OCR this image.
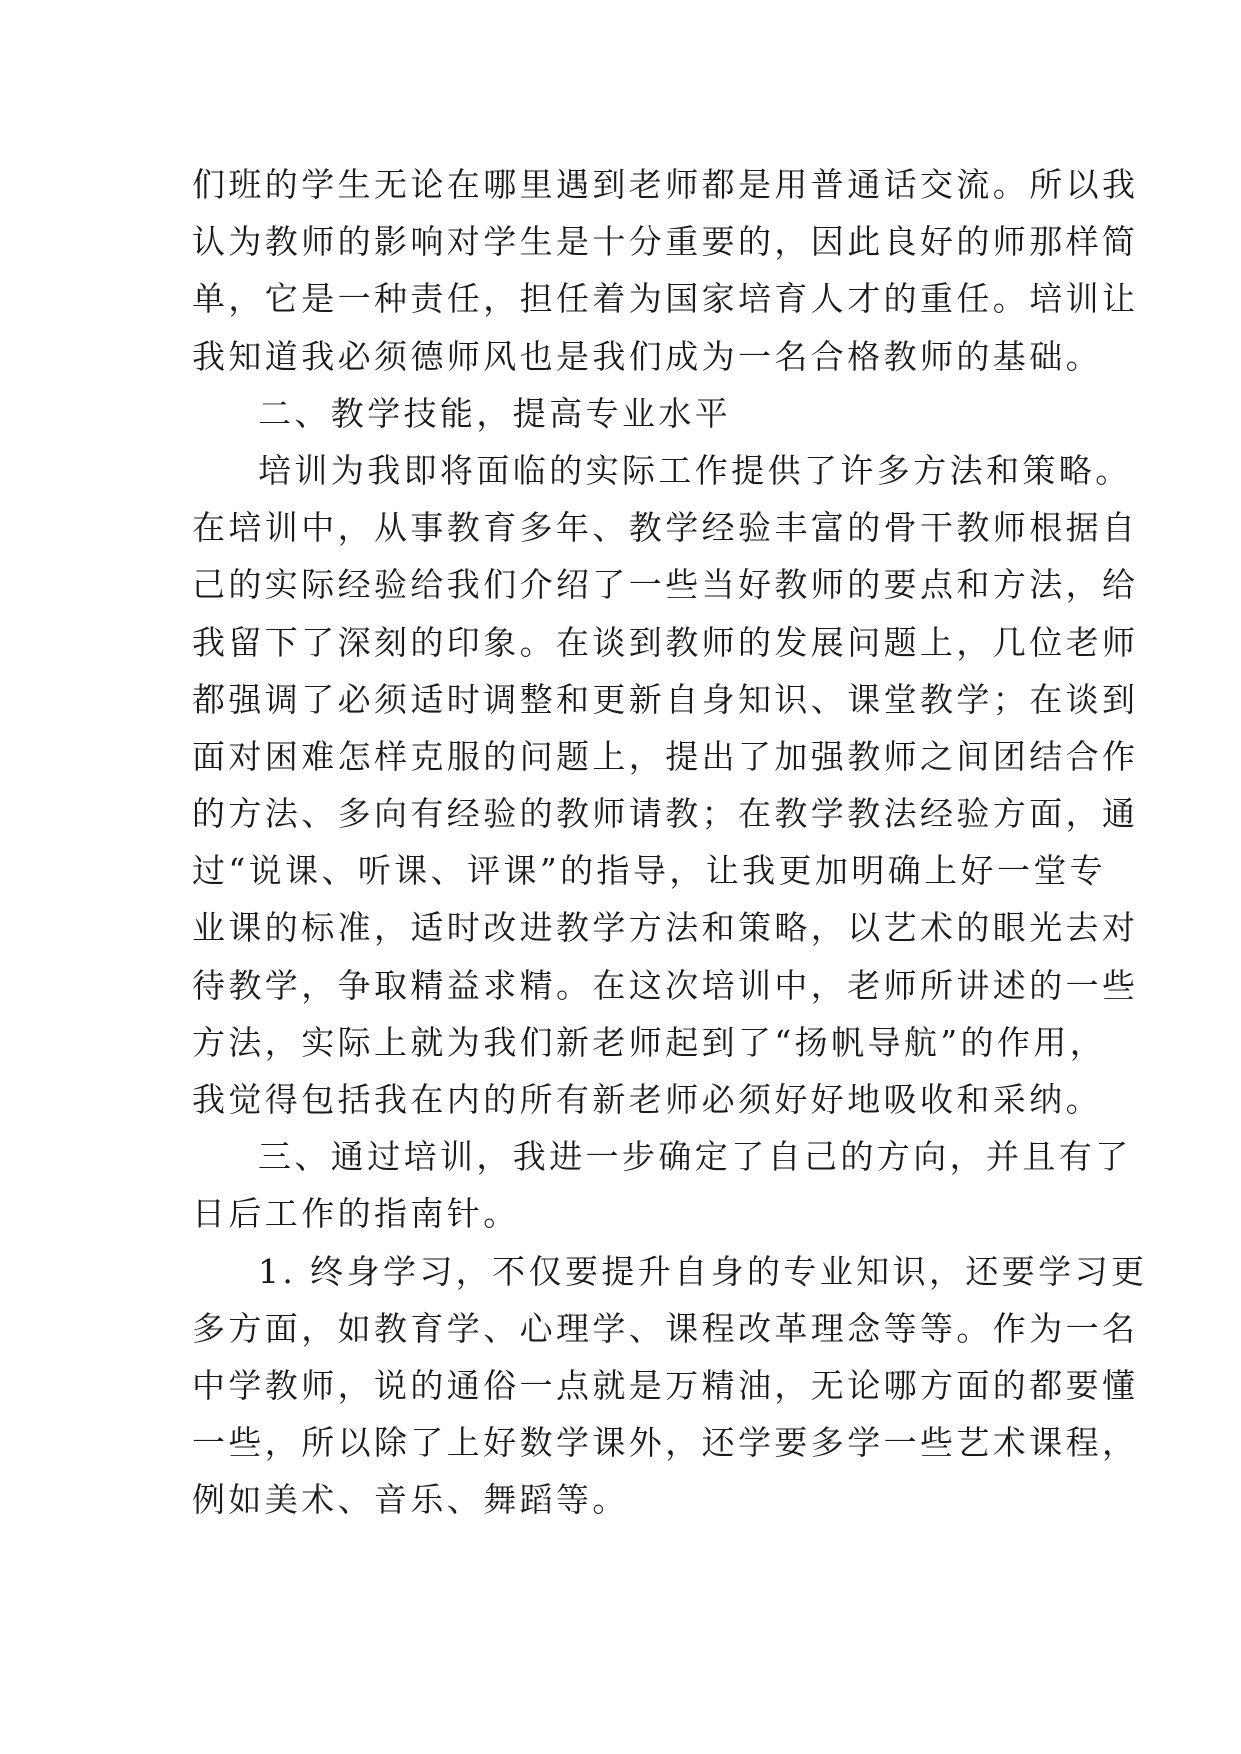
们班的学生无论在哪里遇到老师都是用普通话交流。所以我
认为教师的影响对学生是十分重要的，因此良好的师那样简
单，它是一种责任，担任着为国家培育人才的重任。培训让
我知道我必须德师风也是我们成为一名合格教师的基础。
二、教学技能，提高专业水平
培训为我即将面临的实际工作提供了许多方法和策略。
在培训中，从事教育多年、教学经验丰富的骨干教师根据自
己的实际经验给我们介绍了一些当好教师的要点和方法，给
我留下了深刻的印象。在谈到教师的发展问题上，几位老师
都强调了必须适时调整和更新自身知识、课堂教学；在谈到
面对困难怎样克服的问题上，提出了加强教师之间团结合作
的方法、多向有经验的教师请教；在教学教法经验方面，通
过“说课、听课、评课”的指导，让我更加明确上好一堂专
业课的标准，适时改进教学方法和策略，以艺术的眼光去对
待教学，争取精益求精。在这次培训中，老师所讲述的一些
方法，实际上就为我们新老师起到了“扬帆导航”的作用，
我觉得包括我在内的所有新老师必须好好地吸收和采纳。
三、通过培训，我进一步确定了自己的方向，并且有了
日后工作的指南针。
1. 终身学习，不仅要提升自身的专业知识，还要学习更
多方面，如教育学、心理学、课程改革理念等等。作为一名
中学教师，说的通俗一点就是万精油，无论哪方面的都要懂
一些，所以除了上好数学课外，还学要多学一些艺术课程，
例如美术、音乐、舞蹈等。
